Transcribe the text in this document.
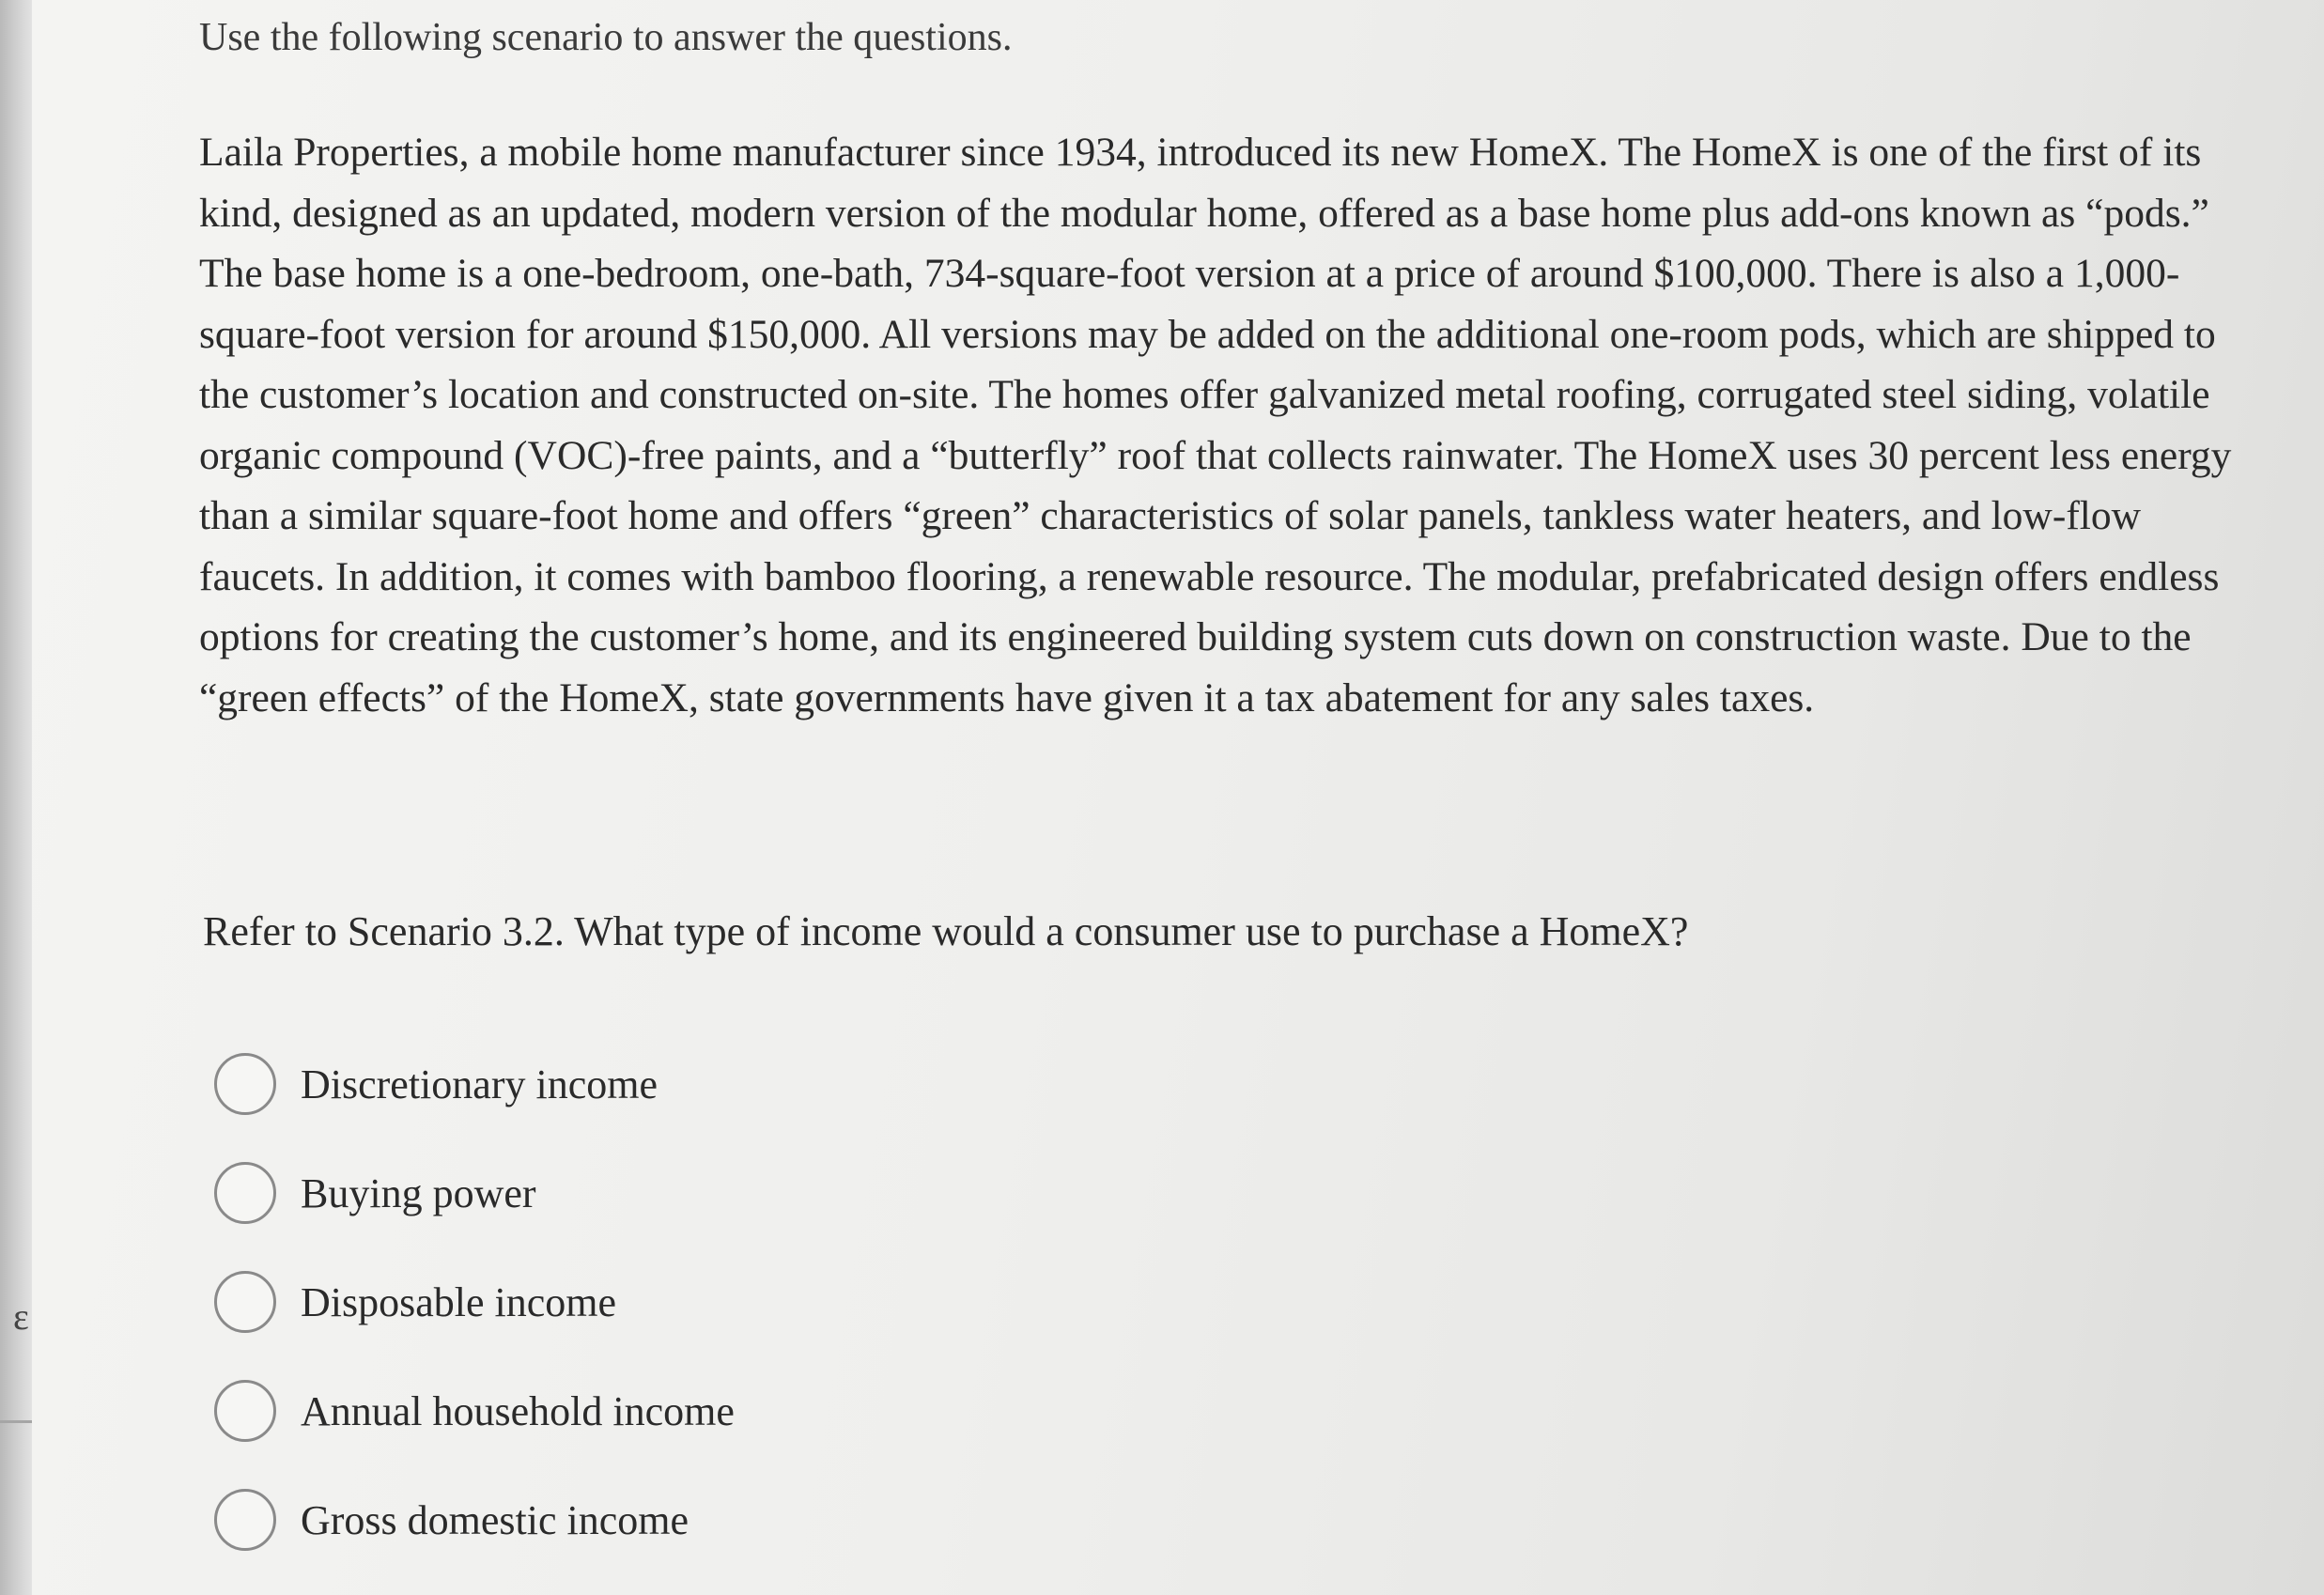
ε
Use the following scenario to answer the questions.

Laila Properties, a mobile home manufacturer since 1934, introduced its new HomeX. The HomeX is one of the first of its kind, designed as an updated, modern version of the modular home, offered as a base home plus add-ons known as “pods.” The base home is a one-bedroom, one-bath, 734-square-foot version at a price of around $100,000. There is also a 1,000-square-foot version for around $150,000. All versions may be added on the additional one-room pods, which are shipped to the customer’s location and constructed on-site. The homes offer galvanized metal roofing, corrugated steel siding, volatile organic compound (VOC)-free paints, and a “butterfly” roof that collects rainwater. The HomeX uses 30 percent less energy than a similar square-foot home and offers “green” characteristics of solar panels, tankless water heaters, and low-flow faucets. In addition, it comes with bamboo flooring, a renewable resource. The modular, prefabricated design offers endless options for creating the customer’s home, and its engineered building system cuts down on construction waste. Due to the “green effects” of the HomeX, state governments have given it a tax abatement for any sales taxes.

Refer to Scenario 3.2. What type of income would a consumer use to purchase a HomeX?

Discretionary income
Buying power
Disposable income
Annual household income
Gross domestic income
